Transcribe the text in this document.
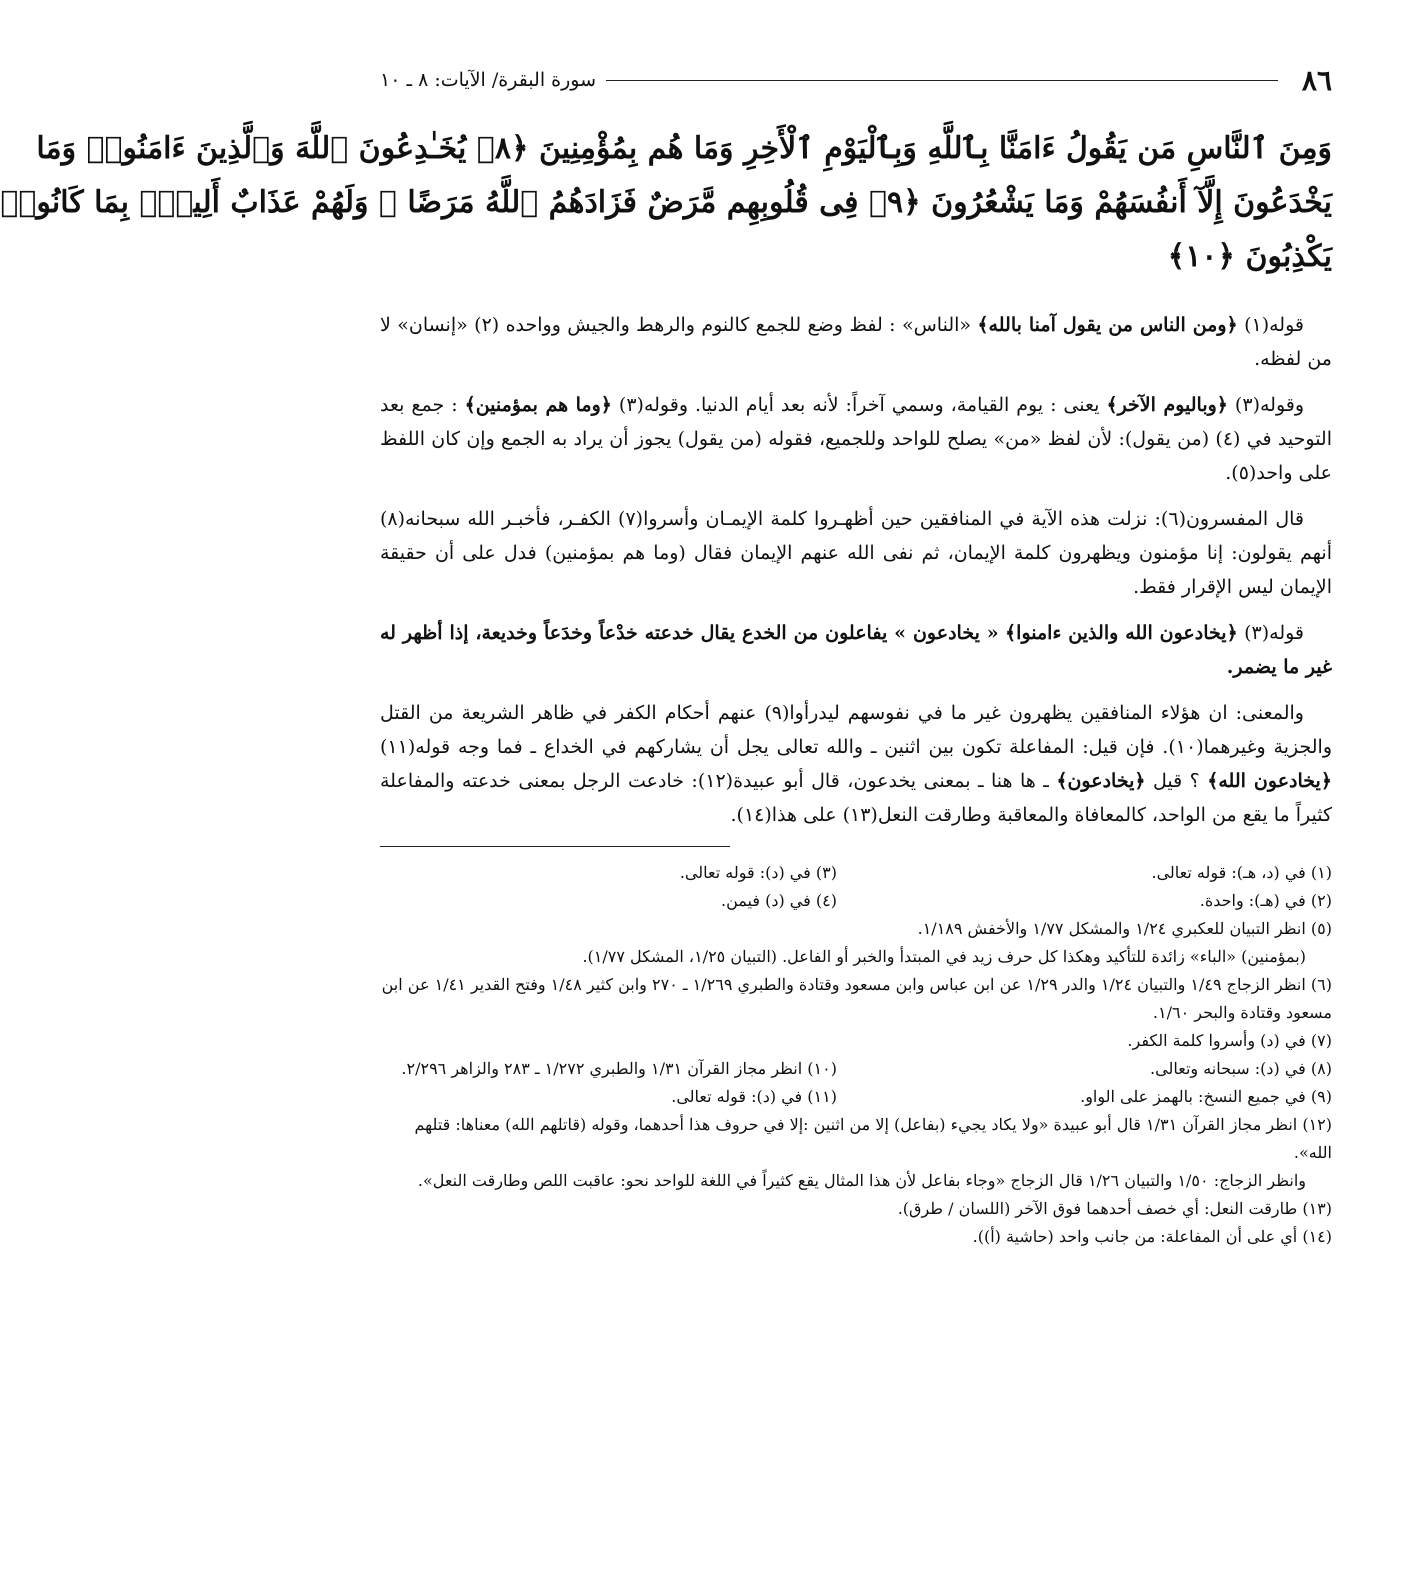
٨٦
سورة البقرة/ الآيات: ٨ ـ ١٠
وَمِنَ ٱلنَّاسِ مَن يَقُولُ ءَامَنَّا بِٱللَّهِ وَبِٱلْيَوْمِ ٱلْأَخِرِ وَمَا هُم بِمُؤْمِنِينَ ﴿٨﴾ يُخَـٰدِعُونَ ٱللَّهَ وَٱلَّذِينَ ءَامَنُوا۟ وَمَا
يَخْدَعُونَ إِلَّآ أَنفُسَهُمْ وَمَا يَشْعُرُونَ ﴿٩﴾ فِى قُلُوبِهِم مَّرَضٌ فَزَادَهُمُ ٱللَّهُ مَرَضًا ۖ وَلَهُمْ عَذَابٌ أَلِيمٌۢ بِمَا كَانُوا۟
يَكْذِبُونَ ﴿١٠﴾

قوله(١) ﴿ومن الناس من يقول آمنا بالله﴾ «الناس» : لفظ وضع للجمع كالنوم والرهط والجيش وواحده (٢) «إنسان» لا من لفظه.

وقوله(٣) ﴿وباليوم الآخر﴾ يعنى : يوم القيامة، وسمي آخراً: لأنه بعد أيام الدنيا. وقوله(٣) ﴿وما هم بمؤمنين﴾ : جمع بعد التوحيد في (٤) (من يقول): لأن لفظ «من» يصلح للواحد وللجميع، فقوله (من يقول) يجوز أن يراد به الجمع وإن كان اللفظ على واحد(٥).

قال المفسرون(٦): نزلت هذه الآية في المنافقين حين أظهـروا كلمة الإيمـان وأسروا(٧) الكفـر، فأخبـر الله سبحانه(٨) أنهم يقولون: إنا مؤمنون ويظهرون كلمة الإيمان، ثم نفى الله عنهم الإيمان فقال (وما هم بمؤمنين) فدل على أن حقيقة الإيمان ليس الإقرار فقط.

قوله(٣) ﴿يخادعون الله والذين ءامنوا﴾ « يخادعون » يفاعلون من الخدع يقال خدعته خدْعاً وخدَعاً وخديعة، إذا أظهر له غير ما يضمر.

والمعنى: ان هؤلاء المنافقين يظهرون غير ما في نفوسهم ليدرأوا(٩) عنهم أحكام الكفر في ظاهر الشريعة من القتل والجزية وغيرهما(١٠). فإن قيل: المفاعلة تكون بين اثنين ـ والله تعالى يجل أن يشاركهم في الخداع ـ فما وجه قوله(١١) ﴿يخادعون الله﴾ ؟ قيل ﴿يخادعون﴾ ـ ها هنا ـ بمعنى يخدعون، قال أبو عبيدة(١٢): خادعت الرجل بمعنى خدعته والمفاعلة كثيراً ما يقع من الواحد، كالمعافاة والمعاقبة وطارقت النعل(١٣) على هذا(١٤).

(١) في (د، هـ): قوله تعالى.

(٣) في (د): قوله تعالى.

(٢) في (هـ): واحدة.

(٤) في (د) فيمن.

(٥) انظر التبيان للعكبري ١/٢٤ والمشكل ١/٧٧ والأخفش ١/١٨٩.

(بمؤمنين) «الباء» زائدة للتأكيد وهكذا كل حرف زيد في المبتدأ والخبر أو الفاعل. (التبيان ١/٢٥، المشكل ١/٧٧).

(٦) انظر الزجاج ١/٤٩ والتبيان ١/٢٤ والدر ١/٢٩ عن ابن عباس وابن مسعود وقتادة والطبري ١/٢٦٩ ـ ٢٧٠ وابن كثير ١/٤٨ وفتح القدير ١/٤١ عن ابن مسعود وقتادة والبحر ١/٦٠.

(٧) في (د) وأسروا كلمة الكفر.

(٨) في (د): سبحانه وتعالى.

(١٠) انظر مجاز القرآن ١/٣١ والطبري ١/٢٧٢ ـ ٢٨٣ والزاهر ٢/٢٩٦.

(٩) في جميع النسخ: بالهمز على الواو.

(١١) في (د): قوله تعالى.

(١٢) انظر مجاز القرآن ١/٣١ قال أبو عبيدة «ولا يكاد يجيء (بفاعل) إلا من اثنين :إلا في حروف هذا أحدهما، وقوله (قاتلهم الله) معناها: قتلهم الله».

وانظر الزجاج: ١/٥٠ والتبيان ١/٢٦ قال الزجاج «وجاء بفاعل لأن هذا المثال يقع كثيراً في اللغة للواحد نحو: عاقبت اللص وطارقت النعل».

(١٣) طارقت النعل: أي خصف أحدهما فوق الآخر (اللسان / طرق).

(١٤) أي على أن المفاعلة: من جانب واحد (حاشية (أ)).
